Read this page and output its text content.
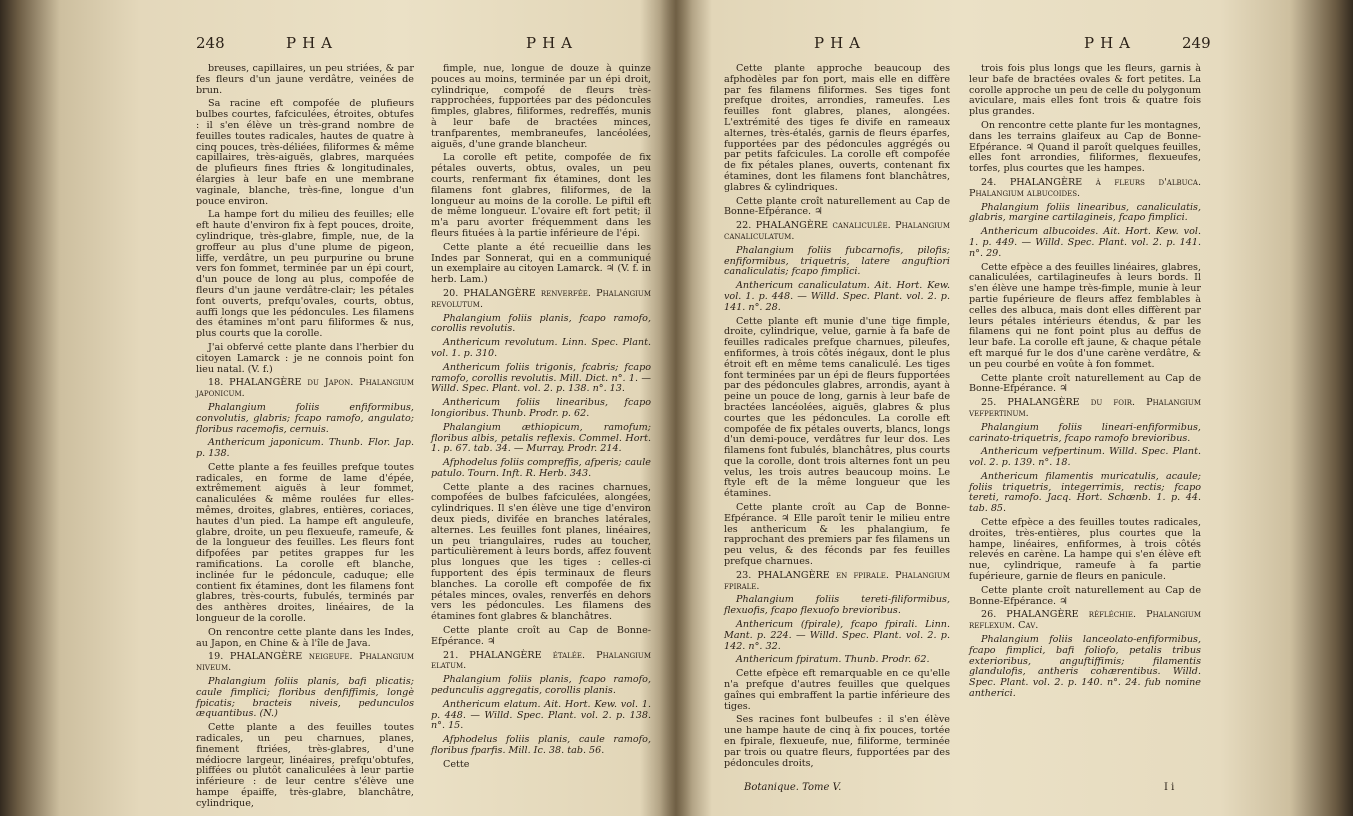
248	PHA	PHA

breuses, capillaires, un peu striées, & par fes fleurs d'un jaune verdâtre, veinées de brun.

Sa racine eft compofée de plufieurs bulbes courtes, fafciculées, étroites, obtufes : il s'en élève un très-grand nombre de feuilles toutes radicales, hautes de quatre à cinq pouces, très-déliées, filiformes & même capillaires, très-aiguës, glabres, marquées de plufieurs fines ftries & longitudinales, élargies à leur bafe en une membrane vaginale, blanche, très-fine, longue d'un pouce environ.

La hampe fort du milieu des feuilles; elle eft haute d'environ fix à fept pouces, droite, cylindrique, très-glabre, fimple, nue, de la groffeur au plus d'une plume de pigeon, liffe, verdâtre, un peu purpurine ou brune vers fon fommet, terminée par un épi court, d'un pouce de long au plus, compofée de fleurs d'un jaune verdâtre-clair; les pétales font ouverts, prefqu'ovales, courts, obtus, auffi longs que les pédoncules. Les filamens des étamines m'ont paru filiformes & nus, plus courts que la corolle.

J'ai obfervé cette plante dans l'herbier du citoyen Lamarck : je ne connois point fon lieu natal. (V. f.)

18. PHALANGÈRE du Japon. Phalangium japonicum.

Phalangium foliis enfiformibus, convolutis, glabris; fcapo ramofo, angulato; floribus racemofis, cernuis.

Anthericum japonicum. Thunb. Flor. Jap. p. 138.

Cette plante a fes feuilles prefque toutes radicales, en forme de lame d'épée, extrêmement aiguës à leur fommet, canaliculées & même roulées fur elles-mêmes, droites, glabres, entières, coriaces, hautes d'un pied. La hampe eft anguleufe, glabre, droite, un peu flexueufe, rameufe, & de la longueur des feuilles. Les fleurs font difpofées par petites grappes fur les ramifications. La corolle eft blanche, inclinée fur le pédoncule, caduque; elle contient fix étamines, dont les filamens font glabres, très-courts, fubulés, terminés par des anthères droites, linéaires, de la longueur de la corolle.

On rencontre cette plante dans les Indes, au Japon, en Chine & à l'île de Java.

19. PHALANGÈRE neigeufe. Phalangium niveum.

Phalangium foliis planis, bafi plicatis; caule fimplici; floribus denfiffimis, longè fpicatis; bracteis niveis, pedunculos æquantibus. (N.)

Cette plante a des feuilles toutes radicales, un peu charnues, planes, finement ftriées, très-glabres, d'une médiocre largeur, linéaires, prefqu'obtufes, pliffées ou plutôt canaliculées à leur partie inférieure : de leur centre s'élève une hampe épaiffe, très-glabre, blanchâtre, cylindrique,

fimple, nue, longue de douze à quinze pouces au moins, terminée par un épi droit, cylindrique, compofé de fleurs très-rapprochées, fupportées par des pédoncules fimples, glabres, filiformes, redreffés, munis à leur bafe de bractées minces, tranfparentes, membraneufes, lancéolées, aiguës, d'une grande blancheur.

La corolle eft petite, compofée de fix pétales ouverts, obtus, ovales, un peu courts, renfermant fix étamines, dont les filamens font glabres, filiformes, de la longueur au moins de la corolle. Le piftil eft de même longueur. L'ovaire eft fort petit; il m'a paru avorter fréquemment dans les fleurs fituées à la partie inférieure de l'épi.

Cette plante a été recueillie dans les Indes par Sonnerat, qui en a communiqué un exemplaire au citoyen Lamarck. ♃ (V. f. in herb. Lam.)

20. PHALANGÈRE renverfée. Phalangium revolutum.

Phalangium foliis planis, fcapo ramofo, corollis revolutis.

Anthericum revolutum. Linn. Spec. Plant. vol. 1. p. 310.

Anthericum foliis trigonis, fcabris; fcapo ramofo, corollis revolutis. Mill. Dict. n°. 1. — Willd. Spec. Plant. vol. 2. p. 138. n°. 13.

Anthericum foliis linearibus, fcapo longioribus. Thunb. Prodr. p. 62.

Phalangium æthiopicum, ramofum; floribus albis, petalis reflexis. Commel. Hort. 1. p. 67. tab. 34. — Murray. Prodr. 214.

Afphodelus foliis compreffis, afperis; caule patulo. Tourn. Inft. R. Herb. 343.

Cette plante a des racines charnues, compofées de bulbes fafciculées, alongées, cylindriques. Il s'en élève une tige d'environ deux pieds, divifée en branches latérales, alternes. Les feuilles font planes, linéaires, un peu triangulaires, rudes au toucher, particulièrement à leurs bords, affez fouvent plus longues que les tiges : celles-ci fupportent des épis terminaux de fleurs blanches. La corolle eft compofée de fix pétales minces, ovales, renverfés en dehors vers les pédoncules. Les filamens des étamines font glabres & blanchâtres.

Cette plante croît au Cap de Bonne-Efpérance. ♃

21. PHALANGÈRE étalée. Phalangium elatum.

Phalangium foliis planis, fcapo ramofo, pedunculis aggregatis, corollis planis.

Anthericum elatum. Ait. Hort. Kew. vol. 1. p. 448. — Willd. Spec. Plant. vol. 2. p. 138. n°. 15.

Afphodelus foliis planis, caule ramofo, floribus fparfis. Mill. Ic. 38. tab. 56.

Cette

PHA	PHA	249

Cette plante approche beaucoup des afphodèles par fon port, mais elle en diffère par fes filamens filiformes. Ses tiges font prefque droites, arrondies, rameufes. Les feuilles font glabres, planes, alongées. L'extrémité des tiges fe divife en rameaux alternes, très-étalés, garnis de fleurs éparfes, fupportées par des pédoncules aggrégés ou par petits fafcicules. La corolle eft compofée de fix pétales planes, ouverts, contenant fix étamines, dont les filamens font blanchâtres, glabres & cylindriques.

Cette plante croît naturellement au Cap de Bonne-Efpérance. ♃

22. PHALANGÈRE canaliculée. Phalangium canaliculatum.

Phalangium foliis fubcarnofis, pilofis; enfiformibus, triquetris, latere anguftiori canaliculatis; fcapo fimplici.

Anthericum canaliculatum. Ait. Hort. Kew. vol. 1. p. 448. — Willd. Spec. Plant. vol. 2. p. 141. n°. 28.

Cette plante eft munie d'une tige fimple, droite, cylindrique, velue, garnie à fa bafe de feuilles radicales prefque charnues, pileufes, enfiformes, à trois côtés inégaux, dont le plus étroit eft en même tems canaliculé. Les tiges font terminées par un épi de fleurs fupportées par des pédoncules glabres, arrondis, ayant à peine un pouce de long, garnis à leur bafe de bractées lancéolées, aiguës, glabres & plus courtes que les pédoncules. La corolle eft compofée de fix pétales ouverts, blancs, longs d'un demi-pouce, verdâtres fur leur dos. Les filamens font fubulés, blanchâtres, plus courts que la corolle, dont trois alternes font un peu velus, les trois autres beaucoup moins. Le ftyle eft de la même longueur que les étamines.

Cette plante croît au Cap de Bonne-Efpérance. ♃ Elle paroît tenir le milieu entre les anthericum & les phalangium, fe rapprochant des premiers par fes filamens un peu velus, & des féconds par fes feuilles prefque charnues.

23. PHALANGÈRE en fpirale. Phalangium fpirale.

Phalangium foliis tereti-filiformibus, flexuofis, fcapo flexuofo brevioribus.

Anthericum (fpirale), fcapo fpirali. Linn. Mant. p. 224. — Willd. Spec. Plant. vol. 2. p. 142. n°. 32.

Anthericum fpiratum. Thunb. Prodr. 62.

Cette efpèce eft remarquable en ce qu'elle n'a prefque d'autres feuilles que quelques gaînes qui embraffent la partie inférieure des tiges.

Ses racines font bulbeufes : il s'en élève une hampe haute de cinq à fix pouces, tortée en fpirale, flexueufe, nue, filiforme, terminée par trois ou quatre fleurs, fupportées par des pédoncules droits,

trois fois plus longs que les fleurs, garnis à leur bafe de bractées ovales & fort petites. La corolle approche un peu de celle du polygonum aviculare, mais elles font trois & quatre fois plus grandes.

On rencontre cette plante fur les montagnes, dans les terrains glaifeux au Cap de Bonne-Efpérance. ♃ Quand il paroît quelques feuilles, elles font arrondies, filiformes, flexueufes, torfes, plus courtes que les hampes.

24. PHALANGÈRE à fleurs d'albuca. Phalangium albucoides.

Phalangium foliis linearibus, canaliculatis, glabris, margine cartilagineis, fcapo fimplici.

Anthericum albucoides. Ait. Hort. Kew. vol. 1. p. 449. — Willd. Spec. Plant. vol. 2. p. 141. n°. 29.

Cette efpèce a des feuilles linéaires, glabres, canaliculées, cartilagineufes à leurs bords. Il s'en élève une hampe très-fimple, munie à leur partie fupérieure de fleurs affez femblables à celles des albuca, mais dont elles diffèrent par leurs pétales intérieurs étendus, & par les filamens qui ne font point plus au deffus de leur bafe. La corolle eft jaune, & chaque pétale eft marqué fur le dos d'une carène verdâtre, & un peu courbé en voûte à fon fommet.

Cette plante croît naturellement au Cap de Bonne-Efpérance. ♃

25. PHALANGÈRE du foir. Phalangium vefpertinum.

Phalangium foliis lineari-enfiformibus, carinato-triquetris, fcapo ramofo brevioribus.

Anthericum vefpertinum. Willd. Spec. Plant. vol. 2. p. 139. n°. 18.

Anthericum filamentis muricatulis, acaule; foliis triquetris, integerrimis, rectis; fcapo tereti, ramofo. Jacq. Hort. Schœnb. 1. p. 44. tab. 85.

Cette efpèce a des feuilles toutes radicales, droites, très-entières, plus courtes que la hampe, linéaires, enfiformes, à trois côtés relevés en carène. La hampe qui s'en élève eft nue, cylindrique, rameufe à fa partie fupérieure, garnie de fleurs en panicule.

Cette plante croît naturellement au Cap de Bonne-Efpérance. ♃

26. PHALANGÈRE réfléchie. Phalangium reflexum. Cav.

Phalangium foliis lanceolato-enfiformibus, fcapo fimplici, bafi foliofo, petalis tribus exterioribus, anguftiffimis; filamentis glandulofis, antheris cohærentibus. Willd. Spec. Plant. vol. 2. p. 140. n°. 24. fub nomine antherici.

Botanique. Tome V.	I i
